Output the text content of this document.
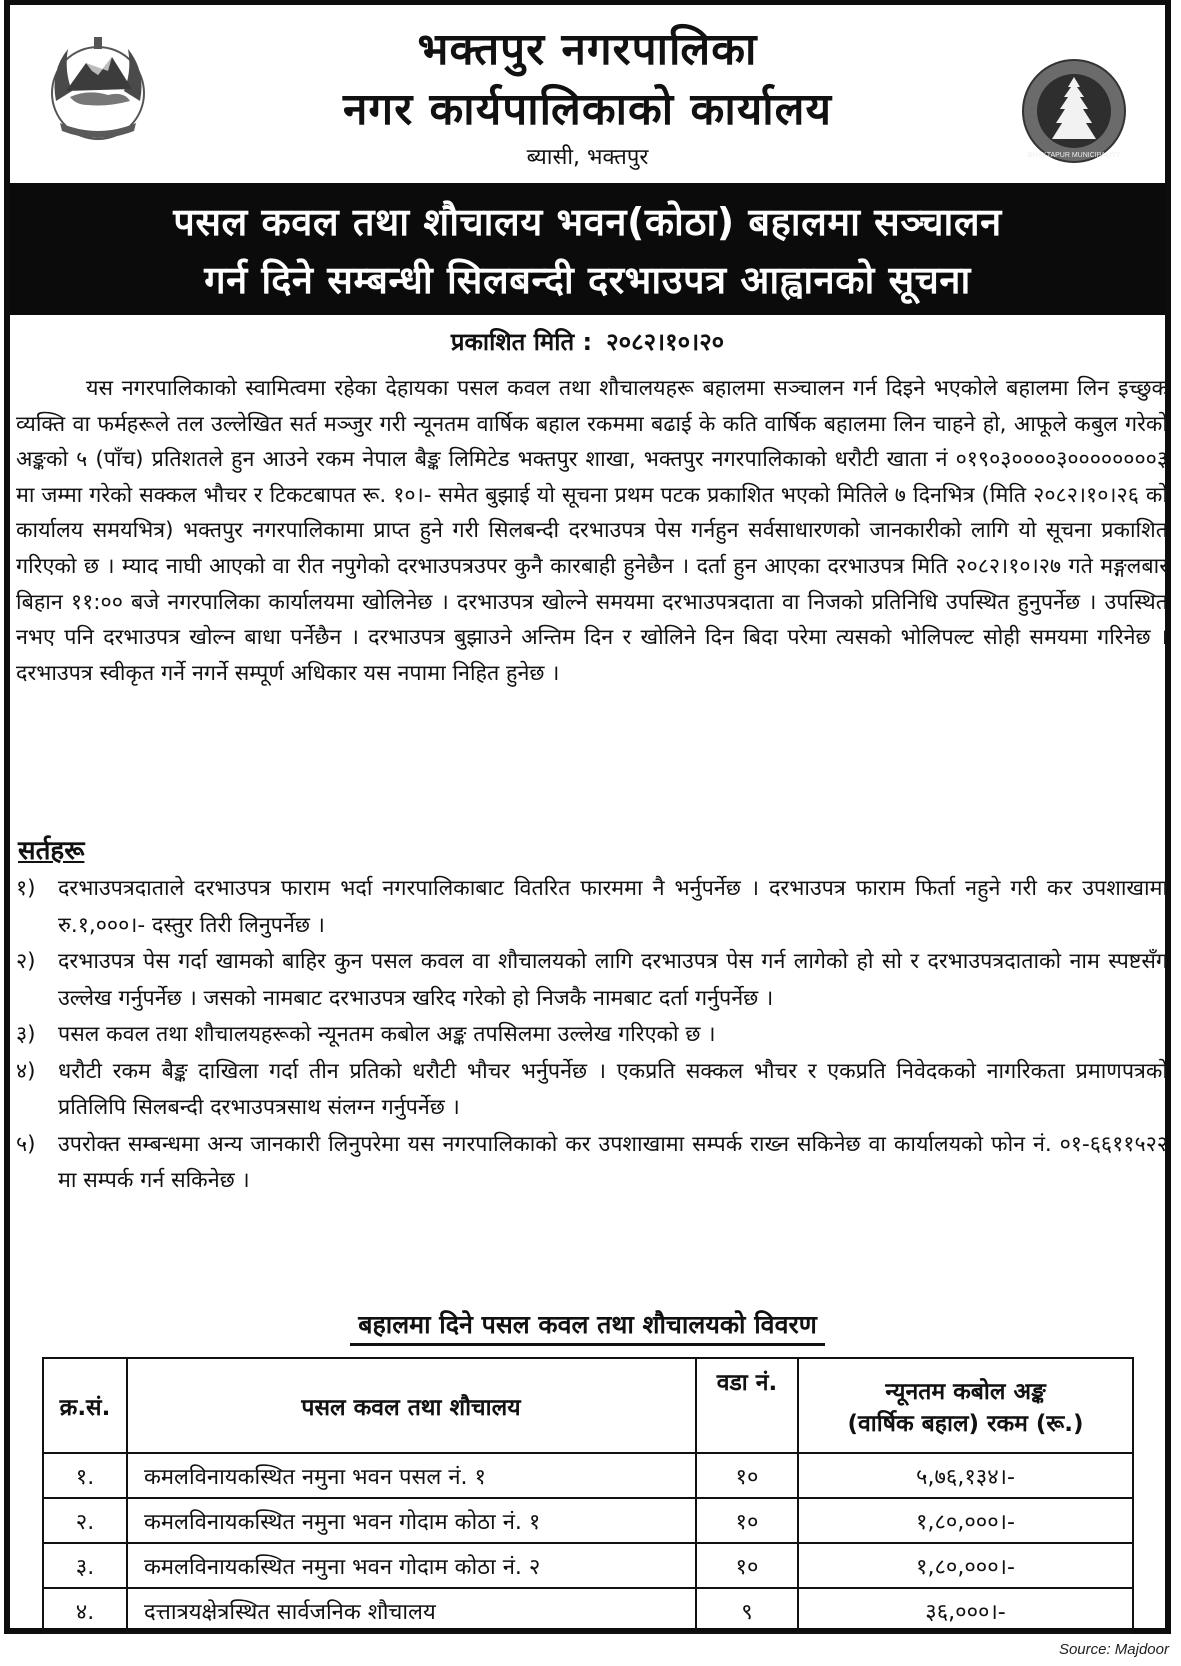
भक्तपुर नगरपालिका
नगर कार्यपालिकाको कार्यालय
ब्यासी, भक्तपुर	BHAKTAPUR MUNICIPALITY
पसल कवल तथा शौचालय भवन(कोठा) बहालमा सञ्चालन
गर्न दिने सम्बन्धी सिलबन्दी दरभाउपत्र आह्वानको सूचना
प्रकाशित मिति : २०८२।१०।२०
यस नगरपालिकाको स्वामित्वमा रहेका देहायका पसल कवल तथा शौचालयहरू बहालमा सञ्चालन गर्न दिइने भएकोले बहालमा लिन इच्छुक व्यक्ति वा फर्महरूले तल उल्लेखित सर्त मञ्जुर गरी न्यूनतम वार्षिक बहाल रकममा बढाई के कति वार्षिक बहालमा लिन चाहने हो, आफूले कबुल गरेको अङ्कको ५ (पाँच) प्रतिशतले हुन आउने रकम नेपाल बैङ्क लिमिटेड भक्तपुर शाखा, भक्तपुर नगरपालिकाको धरौटी खाता नं ०१९०३००००३००००००००३ मा जम्मा गरेको सक्कल भौचर र टिकटबापत रू. १०।- समेत बुझाई यो सूचना प्रथम पटक प्रकाशित भएको मितिले ७ दिनभित्र (मिति २०८२।१०।२६ को कार्यालय समयभित्र) भक्तपुर नगरपालिकामा प्राप्त हुने गरी सिलबन्दी दरभाउपत्र पेस गर्नहुन सर्वसाधारणको जानकारीको लागि यो सूचना प्रकाशित गरिएको छ । म्याद नाघी आएको वा रीत नपुगेको दरभाउपत्रउपर कुनै कारबाही हुनेछैन । दर्ता हुन आएका दरभाउपत्र मिति २०८२।१०।२७ गते मङ्गलबार बिहान ११:०० बजे नगरपालिका कार्यालयमा खोलिनेछ । दरभाउपत्र खोल्ने समयमा दरभाउपत्रदाता वा निजको प्रतिनिधि उपस्थित हुनुपर्नेछ । उपस्थित नभए पनि दरभाउपत्र खोल्न बाधा पर्नेछैन । दरभाउपत्र बुझाउने अन्तिम दिन र खोलिने दिन बिदा परेमा त्यसको भोलिपल्ट सोही समयमा गरिनेछ । दरभाउपत्र स्वीकृत गर्ने नगर्ने सम्पूर्ण अधिकार यस नपामा निहित हुनेछ ।
सर्तहरू
१)	दरभाउपत्रदाताले दरभाउपत्र फाराम भर्दा नगरपालिकाबाट वितरित फारममा नै भर्नुपर्नेछ । दरभाउपत्र फाराम फिर्ता नहुने गरी कर उपशाखामा रु.१,०००।- दस्तुर तिरी लिनुपर्नेछ ।
२)	दरभाउपत्र पेस गर्दा खामको बाहिर कुन पसल कवल वा शौचालयको लागि दरभाउपत्र पेस गर्न लागेको हो सो र दरभाउपत्रदाताको नाम स्पष्टसँग उल्लेख गर्नुपर्नेछ । जसको नामबाट दरभाउपत्र खरिद गरेको हो निजकै नामबाट दर्ता गर्नुपर्नेछ ।
३)	पसल कवल तथा शौचालयहरूको न्यूनतम कबोल अङ्क तपसिलमा उल्लेख गरिएको छ ।
४)	धरौटी रकम बैङ्क दाखिला गर्दा तीन प्रतिको धरौटी भौचर भर्नुपर्नेछ । एकप्रति सक्कल भौचर र एकप्रति निवेदकको नागरिकता प्रमाणपत्रको प्रतिलिपि सिलबन्दी दरभाउपत्रसाथ संलग्न गर्नुपर्नेछ ।
५)	उपरोक्त सम्बन्धमा अन्य जानकारी लिनुपरेमा यस नगरपालिकाको कर उपशाखामा सम्पर्क राख्न सकिनेछ वा कार्यालयको फोन नं. ०१-६६११५२२ मा सम्पर्क गर्न सकिनेछ ।
बहालमा दिने पसल कवल तथा शौचालयको विवरण
क्र.सं.	पसल कवल तथा शौचालय	वडा नं.	न्यूनतम कबोल अङ्क
(वार्षिक बहाल) रकम (रू.)

१.	कमलविनायकस्थित नमुना भवन पसल नं. १	१०	५,७६,१३४।-
२.	कमलविनायकस्थित नमुना भवन गोदाम कोठा नं. १	१०	१,८०,०००।-
३.	कमलविनायकस्थित नमुना भवन गोदाम कोठा नं. २	१०	१,८०,०००।-
४.	दत्तात्रयक्षेत्रस्थित सार्वजनिक शौचालय	९	३६,०००।-
Source: Majdoor
